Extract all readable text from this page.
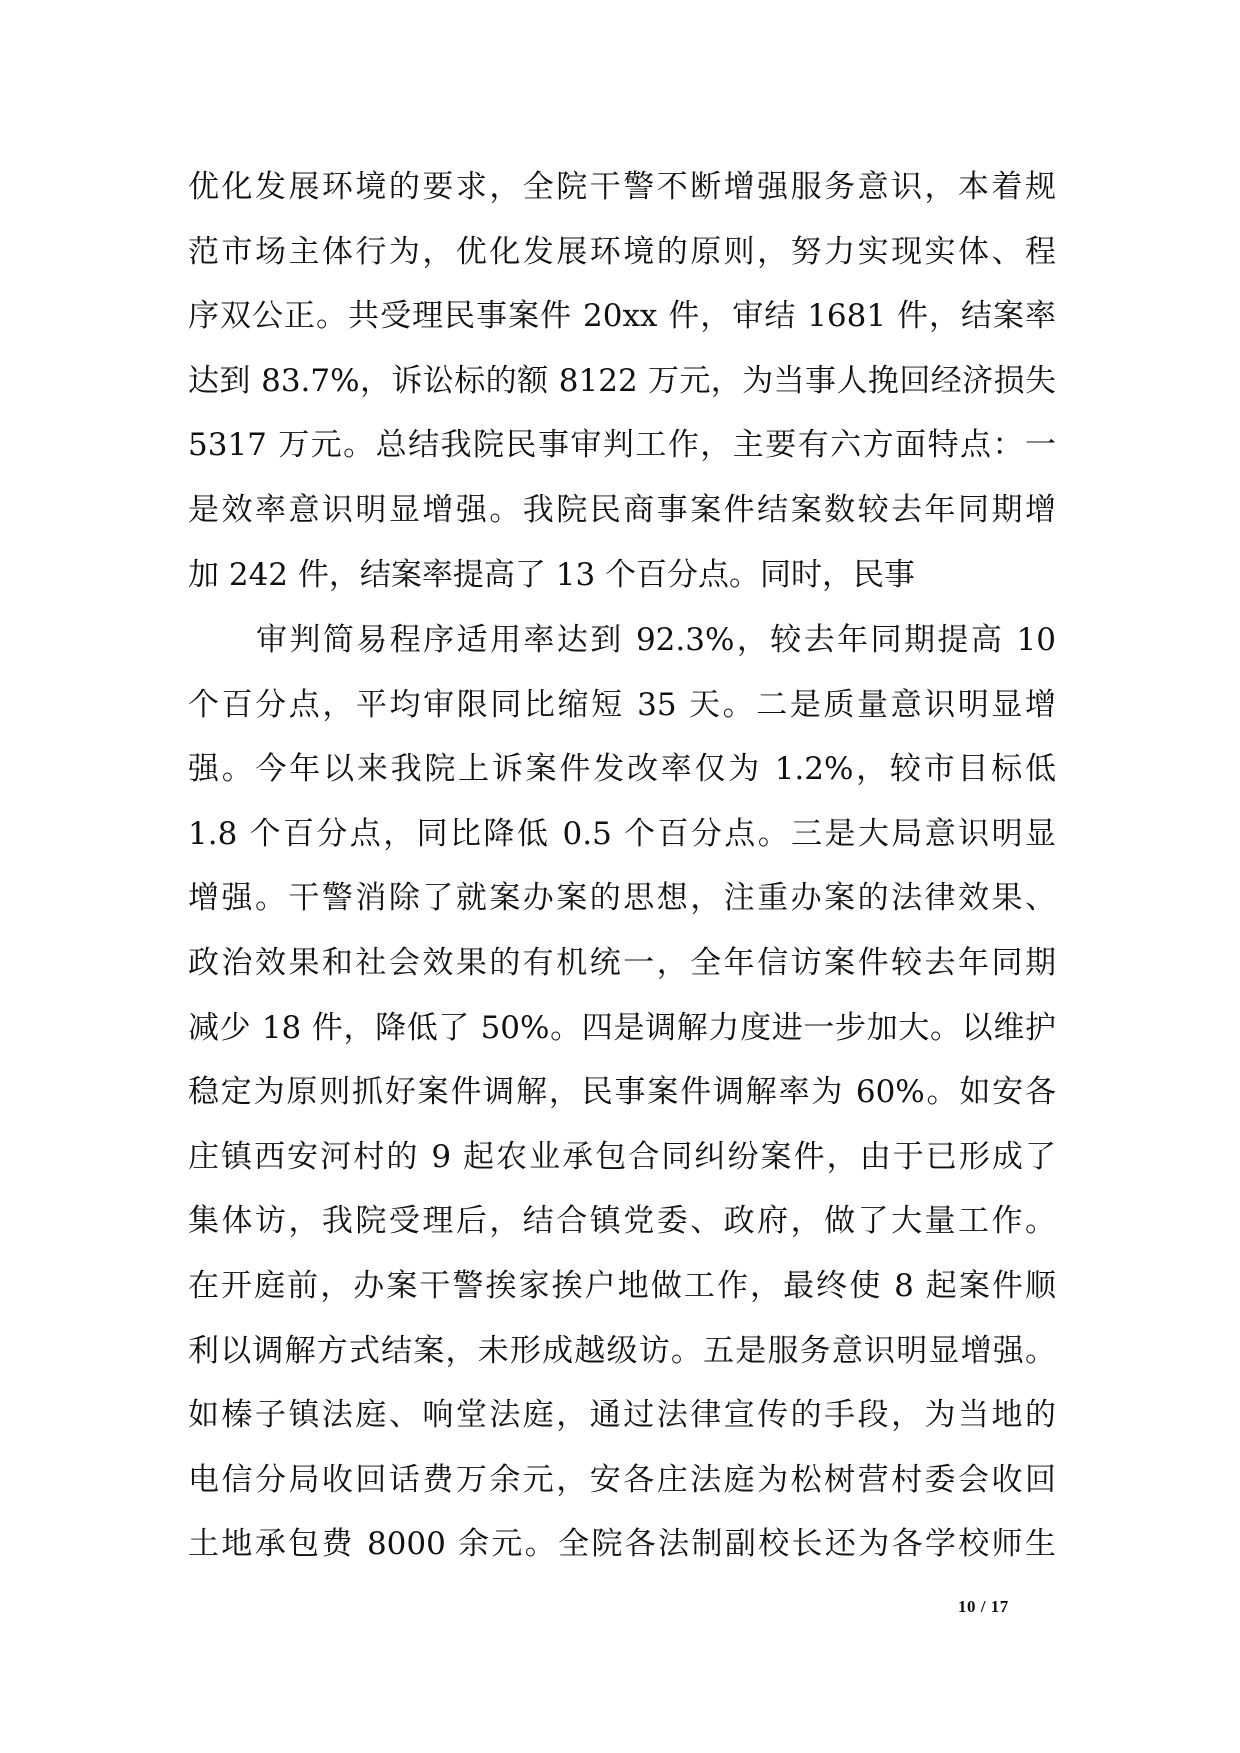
优化发展环境的要求，全院干警不断增强服务意识，本着规
范市场主体行为，优化发展环境的原则，努力实现实体、程
序双公正。共受理民事案件 20xx 件，审结 1681 件，结案率
达到 83.7%，诉讼标的额 8122 万元，为当事人挽回经济损失
5317 万元。总结我院民事审判工作，主要有六方面特点：一
是效率意识明显增强。我院民商事案件结案数较去年同期增
加 242 件，结案率提高了 13 个百分点。同时，民事
审判简易程序适用率达到 92.3%，较去年同期提高 10
个百分点，平均审限同比缩短 35 天。二是质量意识明显增
强。今年以来我院上诉案件发改率仅为 1.2%，较市目标低
1.8 个百分点，同比降低 0.5 个百分点。三是大局意识明显
增强。干警消除了就案办案的思想，注重办案的法律效果、
政治效果和社会效果的有机统一，全年信访案件较去年同期
减少 18 件，降低了 50%。四是调解力度进一步加大。以维护
稳定为原则抓好案件调解，民事案件调解率为 60%。如安各
庄镇西安河村的 9 起农业承包合同纠纷案件，由于已形成了
集体访，我院受理后，结合镇党委、政府，做了大量工作。
在开庭前，办案干警挨家挨户地做工作，最终使 8 起案件顺
利以调解方式结案，未形成越级访。五是服务意识明显增强。
如榛子镇法庭、响堂法庭，通过法律宣传的手段，为当地的
电信分局收回话费万余元，安各庄法庭为松树营村委会收回
土地承包费 8000 余元。全院各法制副校长还为各学校师生
10 / 17
